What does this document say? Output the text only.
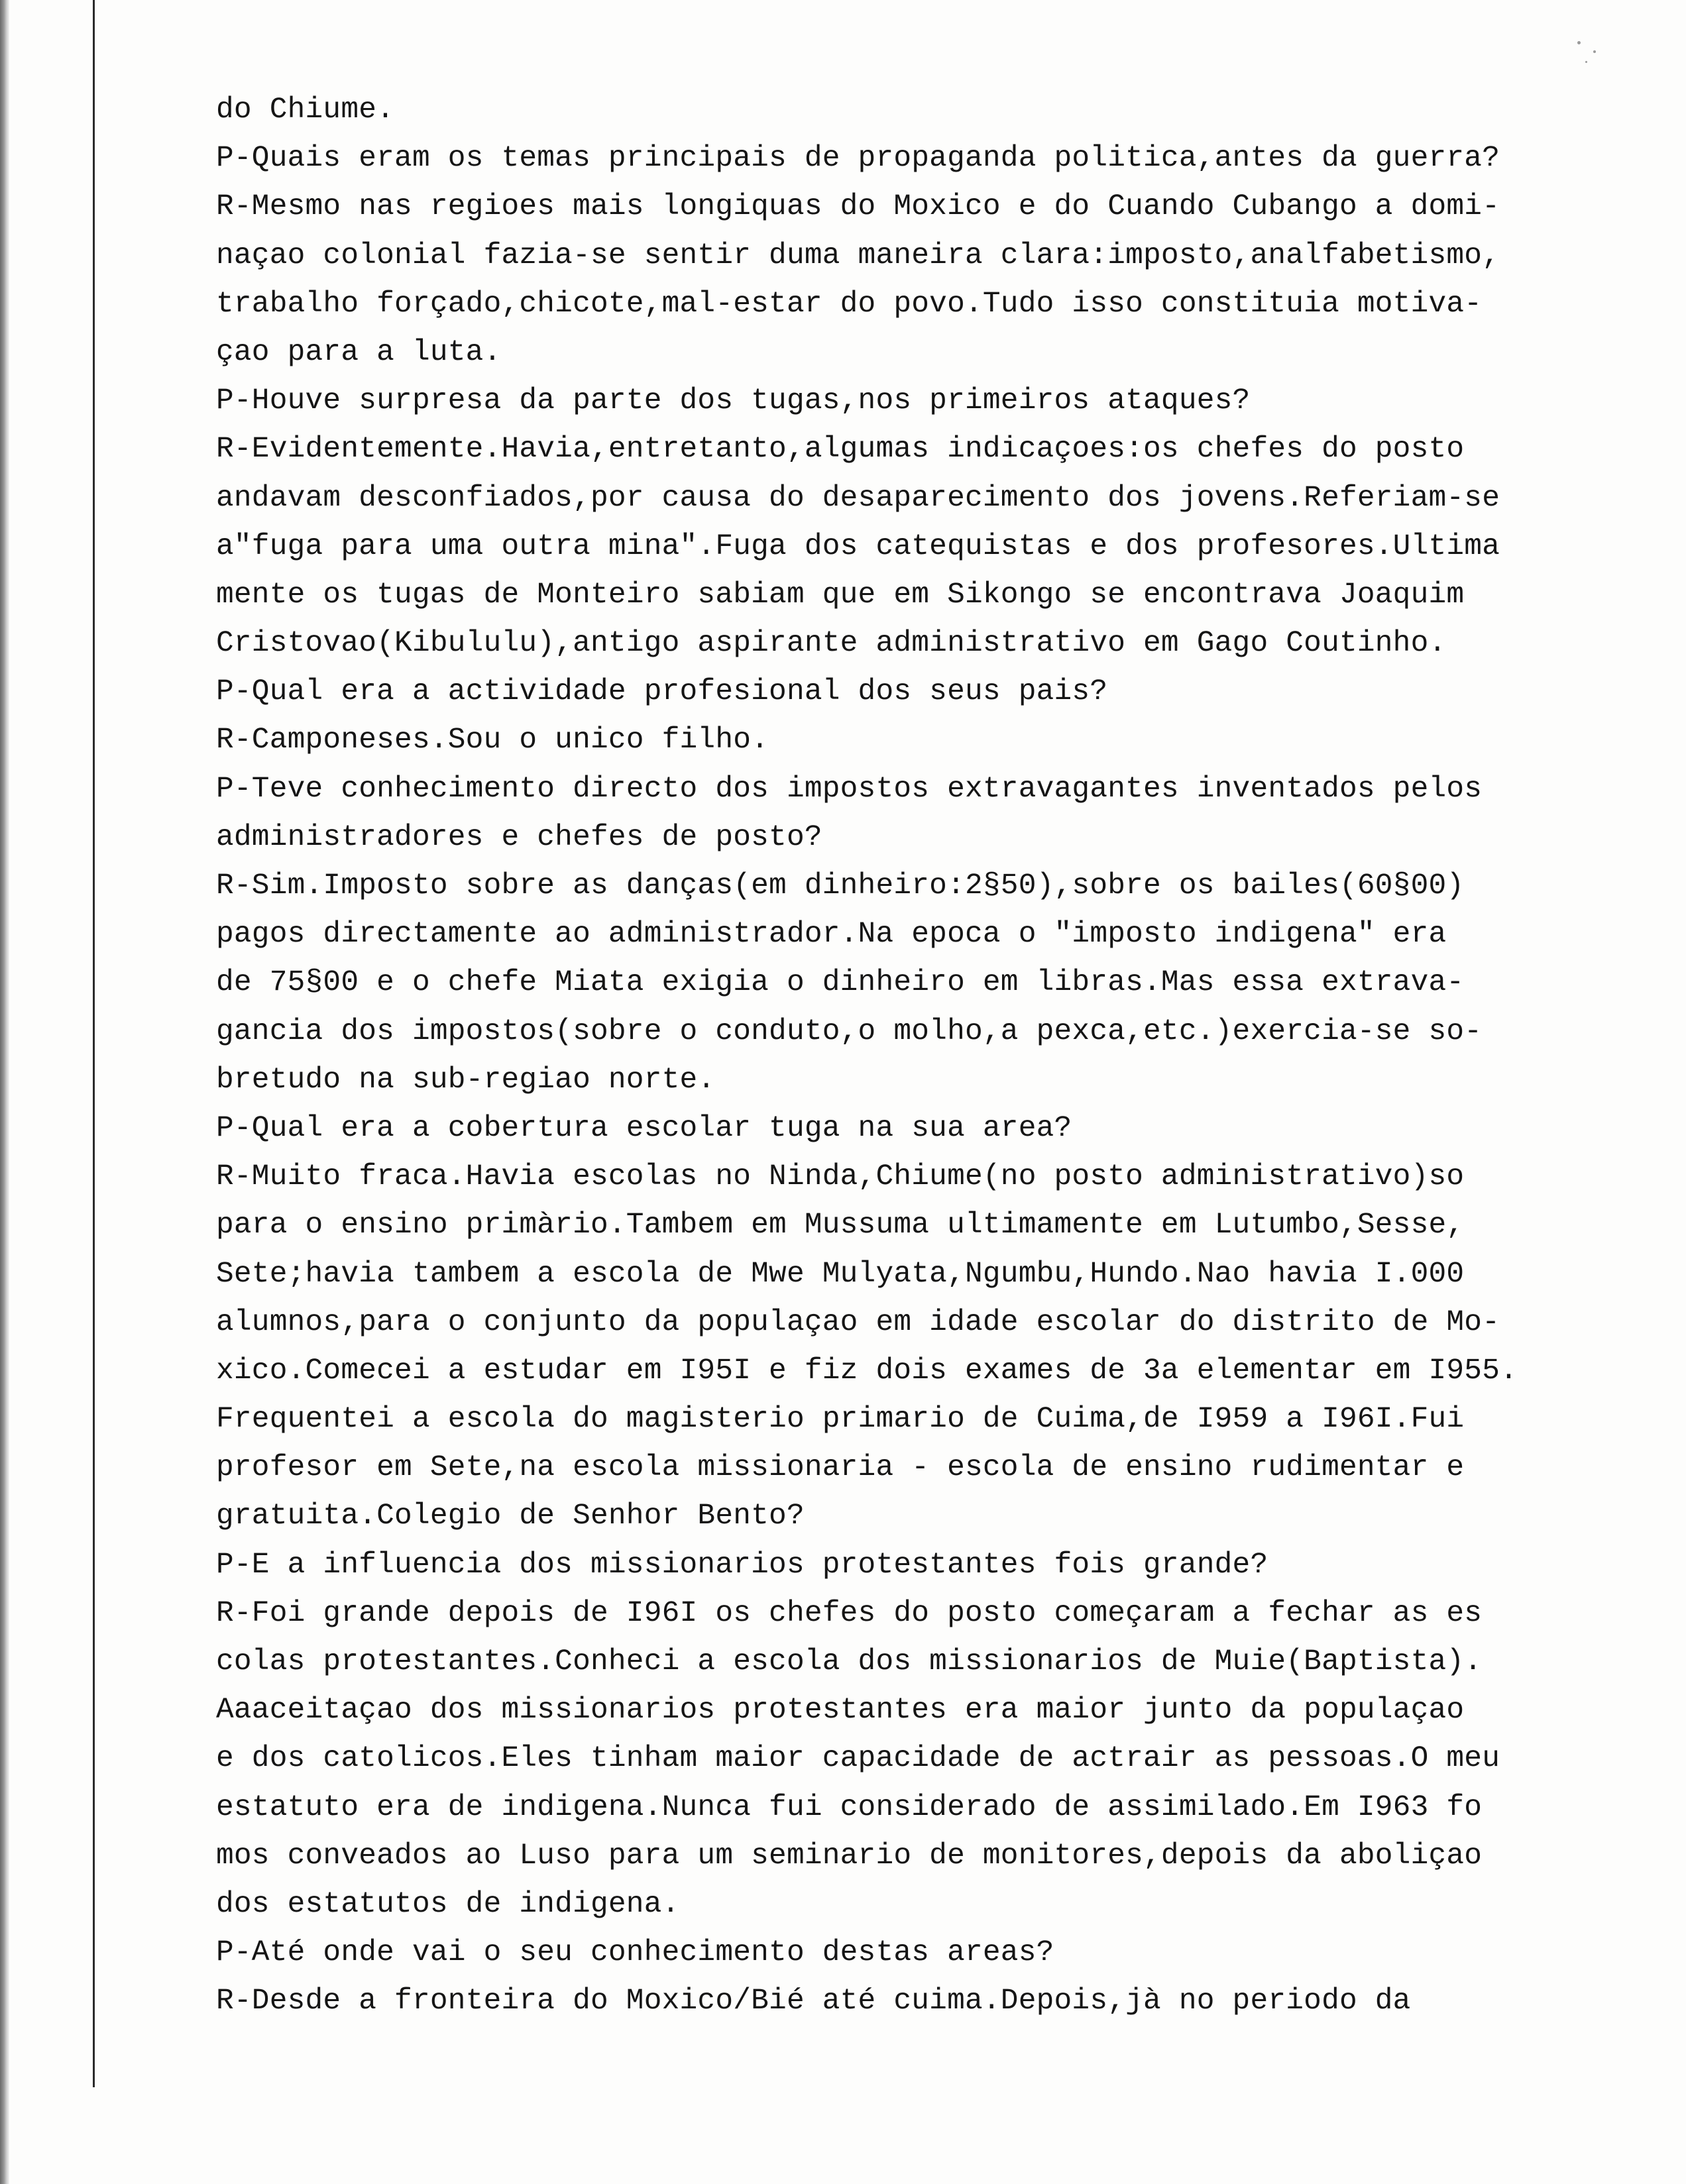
do Chiume.
P-Quais eram os temas principais de propaganda politica,antes da guerra?
R-Mesmo nas regioes mais longiquas do Moxico e do Cuando Cubango a domi-
naçao colonial fazia-se sentir duma maneira clara:imposto,analfabetismo,
trabalho forçado,chicote,mal-estar do povo.Tudo isso constituia motiva-
çao para a luta.
P-Houve surpresa da parte dos tugas,nos primeiros ataques?
R-Evidentemente.Havia,entretanto,algumas indicaçoes:os chefes do posto
andavam desconfiados,por causa do desaparecimento dos jovens.Referiam-se
a"fuga para uma outra mina".Fuga dos catequistas e dos profesores.Ultima
mente os tugas de Monteiro sabiam que em Sikongo se encontrava Joaquim
Cristovao(Kibululu),antigo aspirante administrativo em Gago Coutinho.
P-Qual era a actividade profesional dos seus pais?
R-Camponeses.Sou o unico filho.
P-Teve conhecimento directo dos impostos extravagantes inventados pelos
administradores e chefes de posto?
R-Sim.Imposto sobre as danças(em dinheiro:2§50),sobre os bailes(60§00)
pagos directamente ao administrador.Na epoca o "imposto indigena" era
de 75§00 e o chefe Miata exigia o dinheiro em libras.Mas essa extrava-
gancia dos impostos(sobre o conduto,o molho,a pexca,etc.)exercia-se so-
bretudo na sub-regiao norte.
P-Qual era a cobertura escolar tuga na sua area?
R-Muito fraca.Havia escolas no Ninda,Chiume(no posto administrativo)so
para o ensino primàrio.Tambem em Mussuma ultimamente em Lutumbo,Sesse,
Sete;havia tambem a escola de Mwe Mulyata,Ngumbu,Hundo.Nao havia I.000
alumnos,para o conjunto da populaçao em idade escolar do distrito de Mo-
xico.Comecei a estudar em I95I e fiz dois exames de 3a elementar em I955.
Frequentei a escola do magisterio primario de Cuima,de I959 a I96I.Fui
profesor em Sete,na escola missionaria - escola de ensino rudimentar e
gratuita.Colegio de Senhor Bento?
P-E a influencia dos missionarios protestantes fois grande?
R-Foi grande depois de I96I os chefes do posto começaram a fechar as es
colas protestantes.Conheci a escola dos missionarios de Muie(Baptista).
Aaaceitaçao dos missionarios protestantes era maior junto da populaçao
e dos catolicos.Eles tinham maior capacidade de actrair as pessoas.O meu
estatuto era de indigena.Nunca fui considerado de assimilado.Em I963 fo
mos conveados ao Luso para um seminario de monitores,depois da aboliçao
dos estatutos de indigena.
P-Até onde vai o seu conhecimento destas areas?
R-Desde a fronteira do Moxico/Bié até cuima.Depois,jà no periodo da
